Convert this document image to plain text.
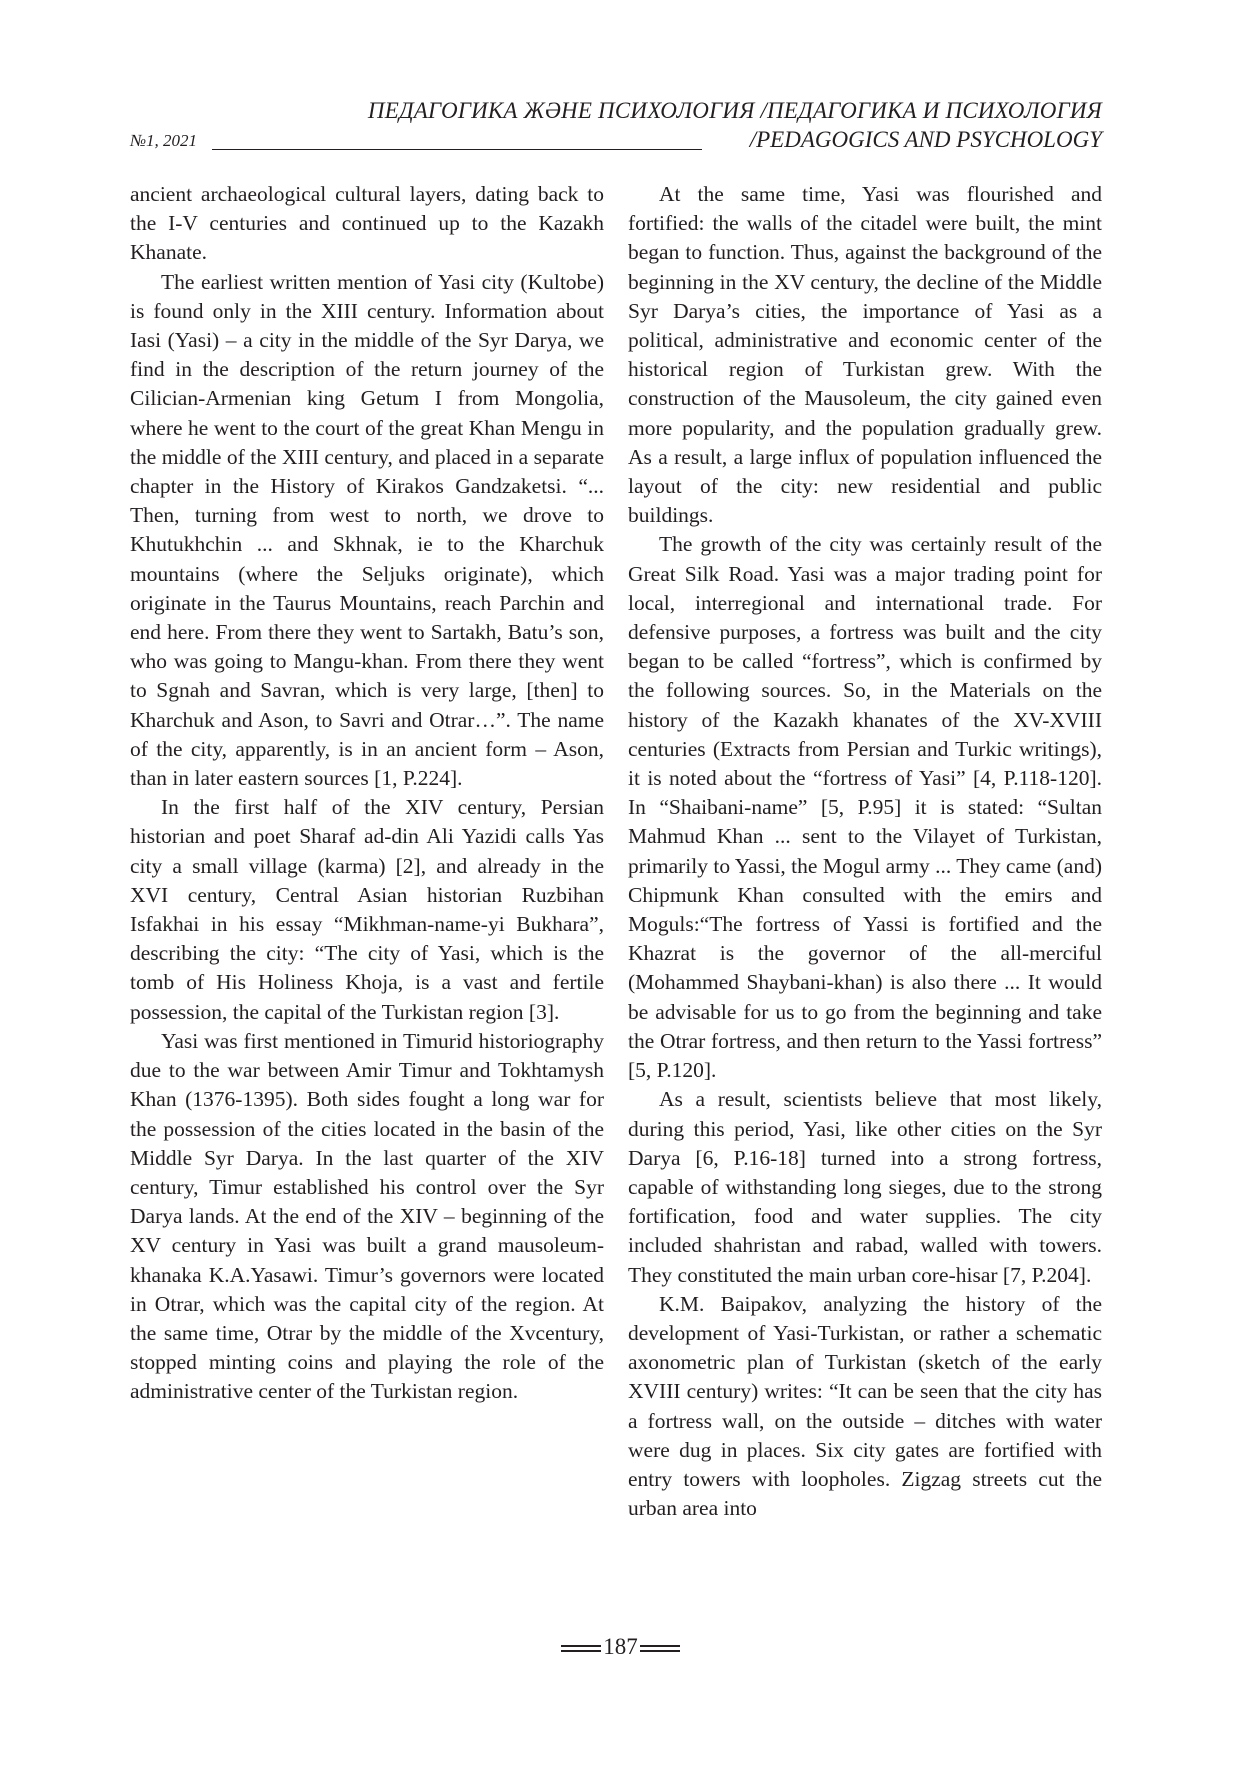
ПЕДАГОГИКА ЖӘНЕ ПСИХОЛОГИЯ /ПЕДАГОГИКА И ПСИХОЛОГИЯ
№1, 2021	/PEDAGOGICS AND PSYCHOLOGY

ancient archaeological cultural layers, dating back to the I-V centuries and continued up to the Kazakh Khanate.

The earliest written mention of Yasi city (Kultobe) is found only in the XIII century. Information about Iasi (Yasi) – a city in the middle of the Syr Darya, we find in the description of the return journey of the Cilician-Armenian king Getum I from Mongolia, where he went to the court of the great Khan Mengu in the middle of the XIII century, and placed in a separate chapter in the History of Kirakos Gandzaketsi. “... Then, turning from west to north, we drove to Khutukhchin ... and Skhnak, ie to the Kharchuk mountains (where the Seljuks originate), which originate in the Taurus Mountains, reach Parchin and end here. From there they went to Sartakh, Batu’s son, who was going to Mangu-khan. From there they went to Sgnah and Savran, which is very large, [then] to Kharchuk and Ason, to Savri and Otrar…”. The name of the city, apparently, is in an ancient form – Ason, than in later eastern sources [1, P.224].

In the first half of the XIV century, Persian historian and poet Sharaf ad-din Ali Yazidi calls Yas city a small village (karma) [2], and already in the XVI century, Central Asian historian Ruzbihan Isfakhai in his essay “Mikhman-name-yi Bukhara”, describing the city: “The city of Yasi, which is the tomb of His Holiness Khoja, is a vast and fertile possession, the capital of the Turkistan region [3].

Yasi was first mentioned in Timurid historiography due to the war between Amir Timur and Tokhtamysh Khan (1376-1395). Both sides fought a long war for the possession of the cities located in the basin of the Middle Syr Darya. In the last quarter of the XIV century, Timur established his control over the Syr Darya lands. At the end of the XIV – beginning of the XV century in Yasi was built a grand mausoleum-khanaka K.A.Yasawi. Timur’s governors were located in Otrar, which was the capital city of the region. At the same time, Otrar by the middle of the Xvcentury, stopped minting coins and playing the role of the administrative center of the Turkistan region.

At the same time, Yasi was flourished and fortified: the walls of the citadel were built, the mint began to function. Thus, against the background of the beginning in the XV century, the decline of the Middle Syr Darya’s cities, the importance of Yasi as a political, administrative and economic center of the historical region of Turkistan grew. With the construction of the Mausoleum, the city gained even more popularity, and the population gradually grew. As a result, a large influx of population influenced the layout of the city: new residential and public buildings.

The growth of the city was certainly result of the Great Silk Road. Yasi was a major trading point for local, interregional and international trade. For defensive purposes, a fortress was built and the city began to be called “fortress”, which is confirmed by the following sources. So, in the Materials on the history of the Kazakh khanates of the XV-XVIII centuries (Extracts from Persian and Turkic writings), it is noted about the “fortress of Yasi” [4, P.118-120]. In “Shaibani-name” [5, P.95] it is stated: “Sultan Mahmud Khan ... sent to the Vilayet of Turkistan, primarily to Yassi, the Mogul army ... They came (and) Chipmunk Khan consulted with the emirs and Moguls:“The fortress of Yassi is fortified and the Khazrat is the governor of the all-merciful (Mohammed Shaybani-khan) is also there ... It would be advisable for us to go from the beginning and take the Otrar fortress, and then return to the Yassi fortress” [5, P.120].

As a result, scientists believe that most likely, during this period, Yasi, like other cities on the Syr Darya [6, P.16-18] turned into a strong fortress, capable of withstanding long sieges, due to the strong fortification, food and water supplies. The city included shahristan and rabad, walled with towers. They constituted the main urban core-hisar [7, P.204].

K.M. Baipakov, analyzing the history of the development of Yasi-Turkistan, or rather a schematic axonometric plan of Turkistan (sketch of the early XVIII century) writes: “It can be seen that the city has a fortress wall, on the outside – ditches with water were dug in places. Six city gates are fortified with entry towers with loopholes. Zigzag streets cut the urban area into

187
